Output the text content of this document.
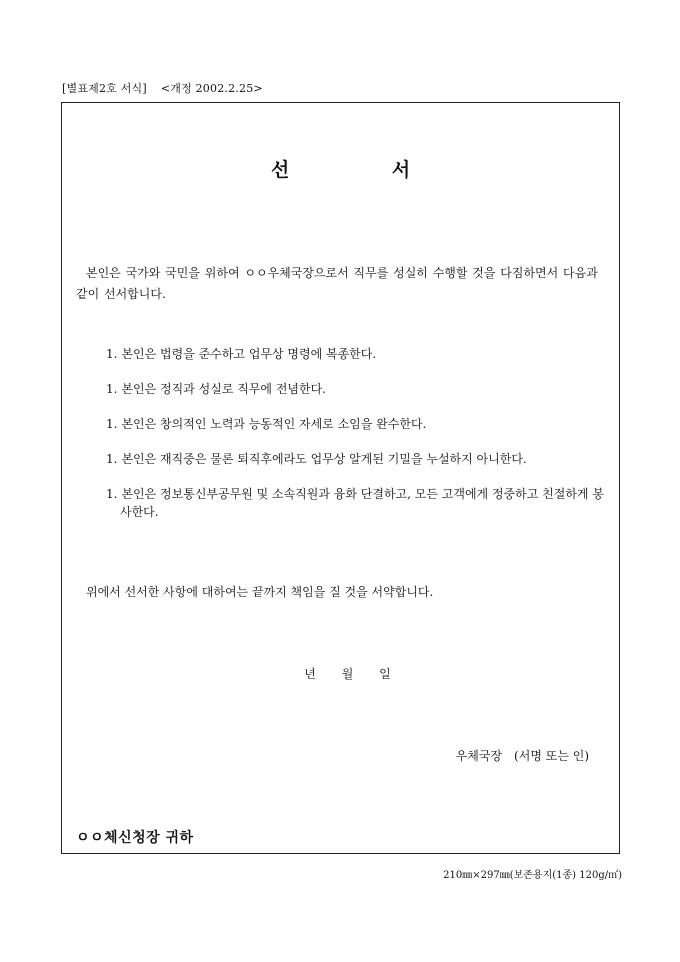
[별표제2호 서식] <개정 2002.2.25>
선 서
본인은 국가와 국민을 위하여 ㅇㅇ우체국장으로서 직무를 성실히 수행할 것을 다짐하면서 다음과 같이 선서합니다.
1. 본인은 법령을 준수하고 업무상 명령에 복종한다.
1. 본인은 정직과 성실로 직무에 전념한다.
1. 본인은 창의적인 노력과 능동적인 자세로 소임을 완수한다.
1. 본인은 재직중은 물론 퇴직후에라도 업무상 알게된 기밀을 누설하지 아니한다.
1. 본인은 정보통신부공무원 및 소속직원과 융화 단결하고, 모든 고객에게 정중하고 친절하게 봉사한다.
위에서 선서한 사항에 대하여는 끝까지 책임을 질 것을 서약합니다.
년 월 일
우체국장 (서명 또는 인)
ㅇㅇ체신청장 귀하
210㎜×297㎜(보존용지(1종) 120g/㎡)
